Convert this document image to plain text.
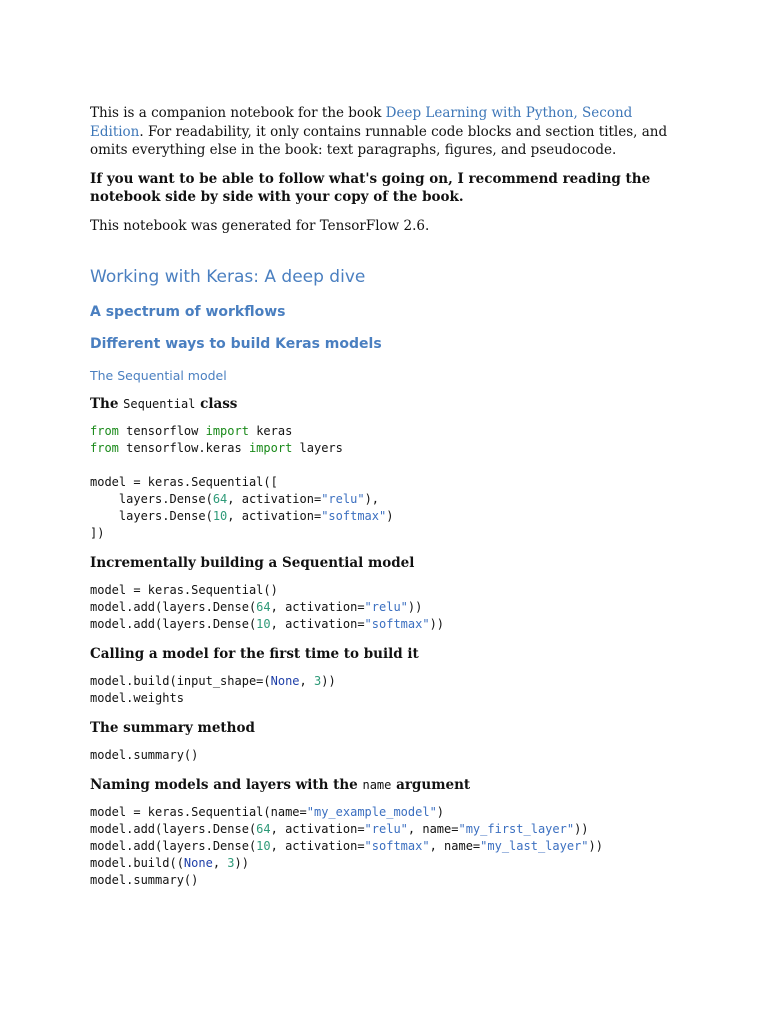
This is a companion notebook for the book Deep Learning with Python, Second Edition. For readability, it only contains runnable code blocks and section titles, and omits everything else in the book: text paragraphs, figures, and pseudocode.

If you want to be able to follow what's going on, I recommend reading the notebook side by side with your copy of the book.

This notebook was generated for TensorFlow 2.6.

Working with Keras: A deep dive
A spectrum of workflows
Different ways to build Keras models
The Sequential model
The Sequential class
from tensorflow import keras
from tensorflow.keras import layers

model = keras.Sequential([
layers.Dense(64, activation="relu"),
layers.Dense(10, activation="softmax")
])
Incrementally building a Sequential model
model = keras.Sequential()
model.add(layers.Dense(64, activation="relu"))
model.add(layers.Dense(10, activation="softmax"))
Calling a model for the first time to build it
model.build(input_shape=(None, 3))
model.weights
The summary method
model.summary()
Naming models and layers with the name argument
model = keras.Sequential(name="my_example_model")
model.add(layers.Dense(64, activation="relu", name="my_first_layer"))
model.add(layers.Dense(10, activation="softmax", name="my_last_layer"))
model.build((None, 3))
model.summary()
